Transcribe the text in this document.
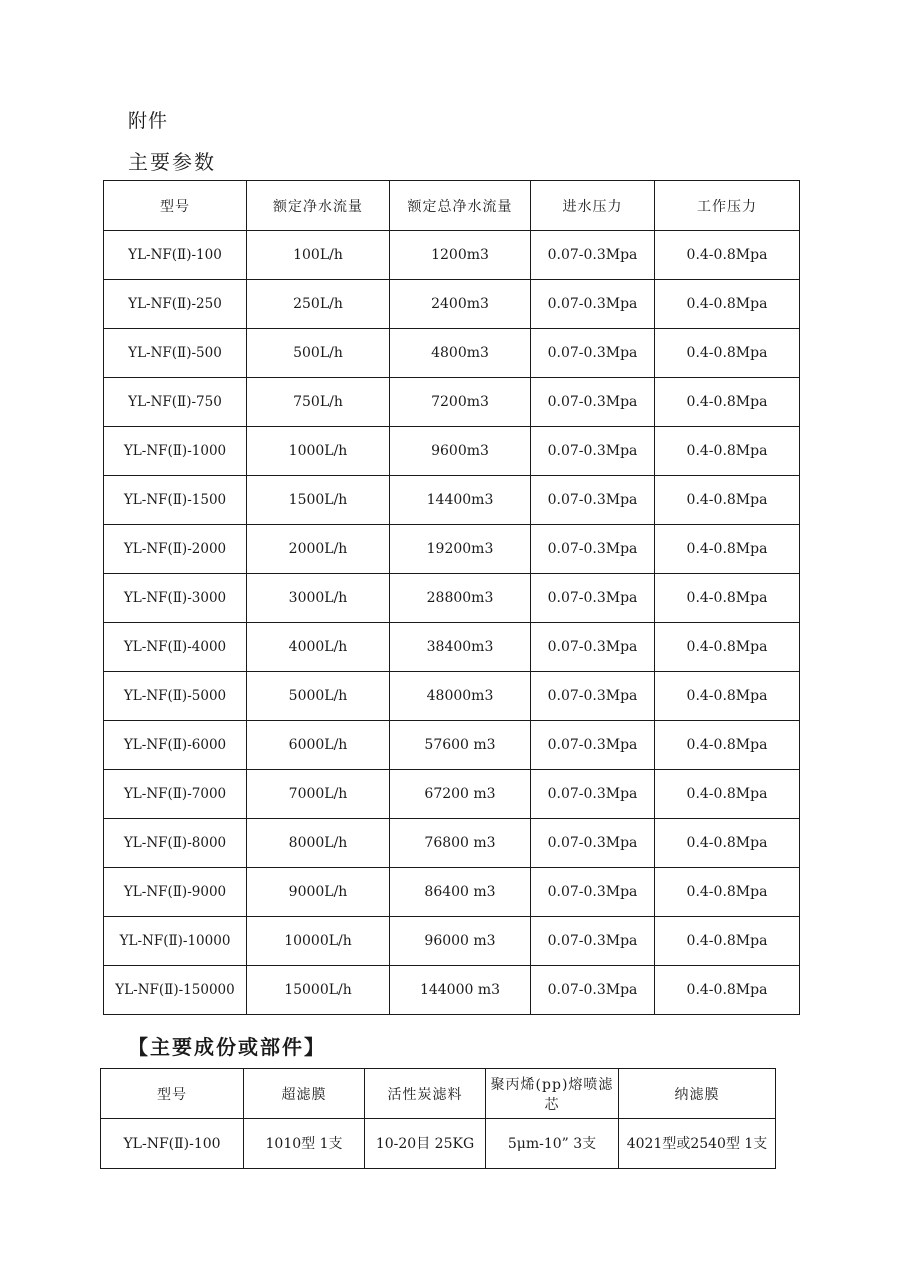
附件
主要参数
型号	额定净水流量	额定总净水流量	进水压力	工作压力
YL-NF(Ⅱ)-100	100L/h	1200m3	0.07-0.3Mpa	0.4-0.8Mpa
YL-NF(Ⅱ)-250	250L/h	2400m3	0.07-0.3Mpa	0.4-0.8Mpa
YL-NF(Ⅱ)-500	500L/h	4800m3	0.07-0.3Mpa	0.4-0.8Mpa
YL-NF(Ⅱ)-750	750L/h	7200m3	0.07-0.3Mpa	0.4-0.8Mpa
YL-NF(Ⅱ)-1000	1000L/h	9600m3	0.07-0.3Mpa	0.4-0.8Mpa
YL-NF(Ⅱ)-1500	1500L/h	14400m3	0.07-0.3Mpa	0.4-0.8Mpa
YL-NF(Ⅱ)-2000	2000L/h	19200m3	0.07-0.3Mpa	0.4-0.8Mpa
YL-NF(Ⅱ)-3000	3000L/h	28800m3	0.07-0.3Mpa	0.4-0.8Mpa
YL-NF(Ⅱ)-4000	4000L/h	38400m3	0.07-0.3Mpa	0.4-0.8Mpa
YL-NF(Ⅱ)-5000	5000L/h	48000m3	0.07-0.3Mpa	0.4-0.8Mpa
YL-NF(Ⅱ)-6000	6000L/h	57600 m3	0.07-0.3Mpa	0.4-0.8Mpa
YL-NF(Ⅱ)-7000	7000L/h	67200 m3	0.07-0.3Mpa	0.4-0.8Mpa
YL-NF(Ⅱ)-8000	8000L/h	76800 m3	0.07-0.3Mpa	0.4-0.8Mpa
YL-NF(Ⅱ)-9000	9000L/h	86400 m3	0.07-0.3Mpa	0.4-0.8Mpa
YL-NF(Ⅱ)-10000	10000L/h	96000 m3	0.07-0.3Mpa	0.4-0.8Mpa
YL-NF(Ⅱ)-150000	15000L/h	144000 m3	0.07-0.3Mpa	0.4-0.8Mpa
【主要成份或部件】
型号	超滤膜	活性炭滤料	聚丙烯(pp)熔喷滤芯	纳滤膜
YL-NF(Ⅱ)-100	1010型 1支	10-20目 25KG	5μm-10” 3支	4021型或2540型 1支
